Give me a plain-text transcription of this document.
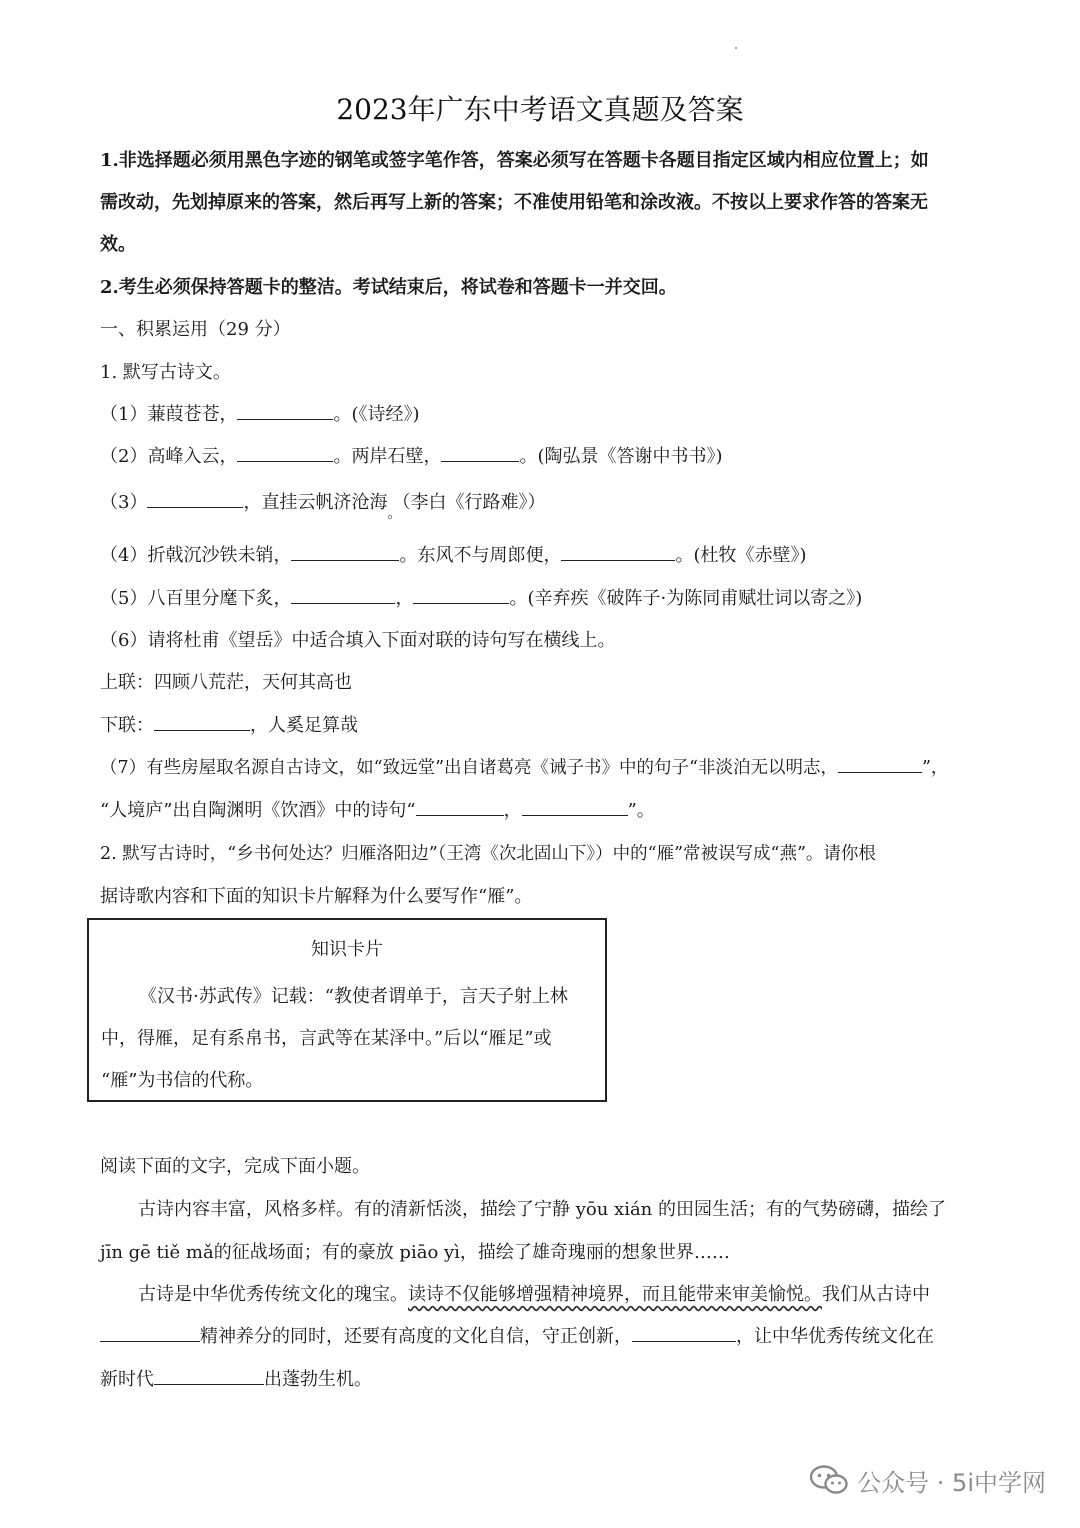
2023年广东中考语文真题及答案
1.非选择题必须用黑色字迹的钢笔或签字笔作答，答案必须写在答题卡各题目指定区域内相应位置上；如
需改动，先划掉原来的答案，然后再写上新的答案；不准使用铅笔和涂改液。不按以上要求作答的答案无
效。
2.考生必须保持答题卡的整洁。考试结束后，将试卷和答题卡一并交回。
一、积累运用（29 分）
1. 默写古诗文。
（1）蒹葭苍苍，	。(《诗经》)
（2）高峰入云，	。两岸石壁，	。(陶弘景《答谢中书书》)
（3）	，直挂云帆济沧海$_。$（李白《行路难》）
（4）折戟沉沙铁未销，	。东风不与周郎便，	。(杜牧《赤壁》)
（5）八百里分麾下炙，	，	。(辛弃疾《破阵子·为陈同甫赋壮词以寄之》)
（6）请将杜甫《望岳》中适合填入下面对联的诗句写在横线上。
上联：四顾八荒茫，天何其高也
下联：	，人奚足算哉
（7）有些房屋取名源自古诗文，如“致远堂”出自诸葛亮《诫子书》中的句子“非淡泊无以明志，	”，
“人境庐”出自陶渊明《饮酒》中的诗句“	，	”。
2. 默写古诗时，“乡书何处达？归雁洛阳边”（王湾《次北固山下》）中的“雁”常被误写成“燕”。请你根
据诗歌内容和下面的知识卡片解释为什么要写作“雁”。
知识卡片

《汉书·苏武传》记载：“教使者谓单于，言天子射上林

中，得雁，足有系帛书，言武等在某泽中。”后以“雁足”或

“雁”为书信的代称。

阅读下面的文字，完成下面小题。
古诗内容丰富，风格多样。有的清新恬淡，描绘了宁静 yōu xián 的田园生活；有的气势磅礴，描绘了
jīn gē tiě mǎ的征战场面；有的豪放 piāo yì，描绘了雄奇瑰丽的想象世界……
古诗是中华优秀传统文化的瑰宝。读诗不仅能够增强精神境界，而且能带来审美愉悦。我们从古诗中
精神养分的同时，还要有高度的文化自信，守正创新，	，让中华优秀传统文化在
新时代	出蓬勃生机。
公众号 · 5i中学网
